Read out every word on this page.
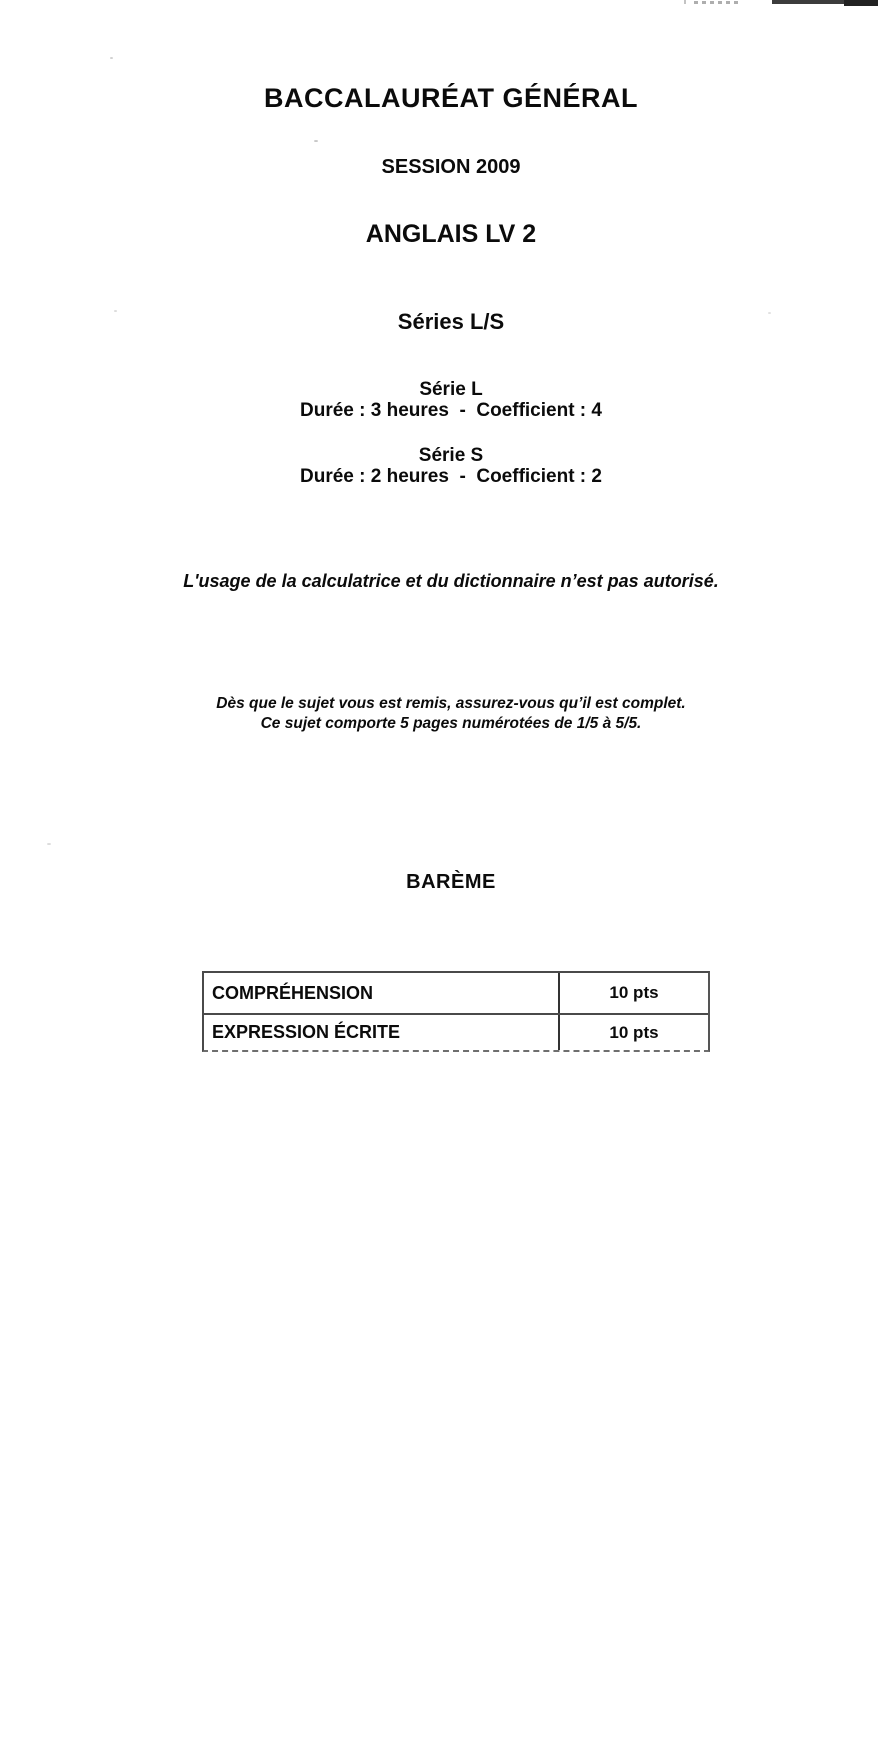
BACCALAURÉAT GÉNÉRAL
SESSION 2009
ANGLAIS LV 2
Séries L/S
Série L
Durée : 3 heures  -  Coefficient : 4
Série S
Durée : 2 heures  -  Coefficient : 2
L'usage de la calculatrice et du dictionnaire n’est pas autorisé.
Dès que le sujet vous est remis, assurez-vous qu’il est complet.
Ce sujet comporte 5 pages numérotées de 1/5 à 5/5.
BARÈME
COMPRÉHENSION	10 pts
EXPRESSION ÉCRITE	10 pts
